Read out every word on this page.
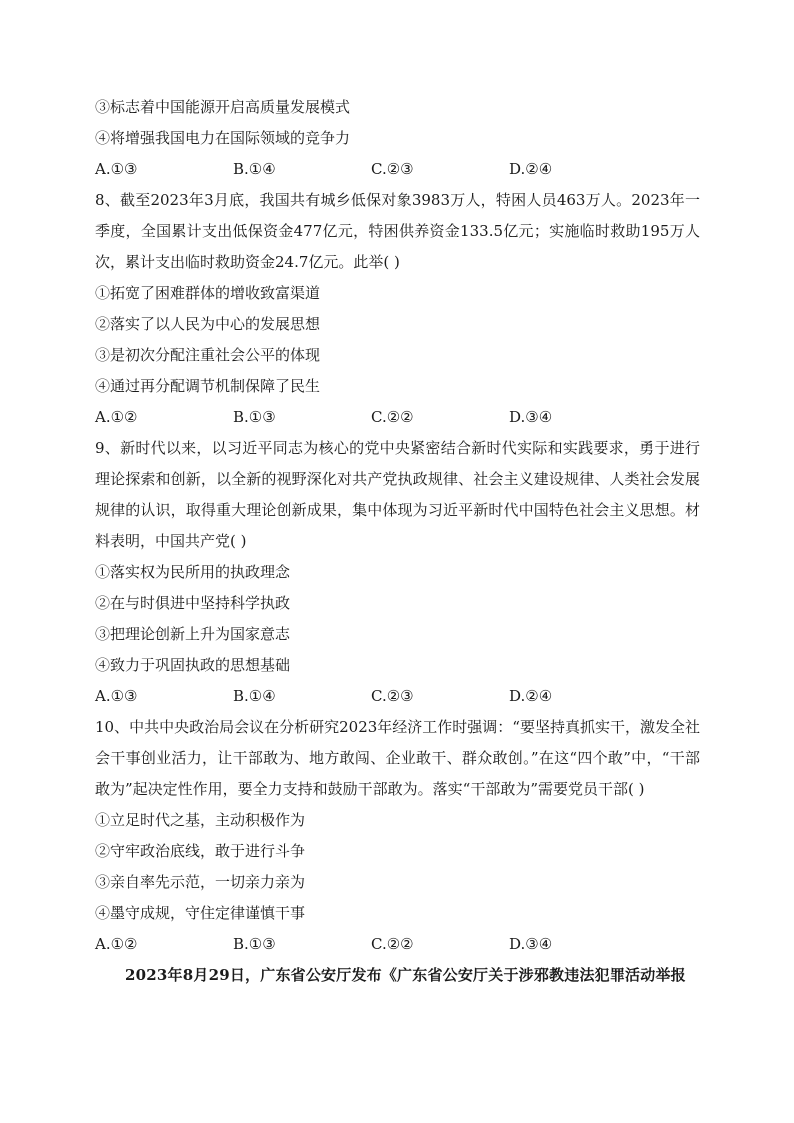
③标志着中国能源开启高质量发展模式
④将增强我国电力在国际领域的竞争力
A.①③	B.①④	C.②③	D.②④
8、截至2023年3月底，我国共有城乡低保对象3983万人，特困人员463万人。2023年一季度，全国累计支出低保资金477亿元，特困供养资金133.5亿元；实施临时救助195万人次，累计支出临时救助资金24.7亿元。此举( )
①拓宽了困难群体的增收致富渠道
②落实了以人民为中心的发展思想
③是初次分配注重社会公平的体现
④通过再分配调节机制保障了民生
A.①②	B.①③	C.②②	D.③④
9、新时代以来，以习近平同志为核心的党中央紧密结合新时代实际和实践要求，勇于进行理论探索和创新，以全新的视野深化对共产党执政规律、社会主义建设规律、人类社会发展规律的认识，取得重大理论创新成果，集中体现为习近平新时代中国特色社会主义思想。材料表明，中国共产党( )
①落实权为民所用的执政理念
②在与时俱进中坚持科学执政
③把理论创新上升为国家意志
④致力于巩固执政的思想基础
A.①③	B.①④	C.②③	D.②④
10、中共中央政治局会议在分析研究2023年经济工作时强调：“要坚持真抓实干，激发全社会干事创业活力，让干部敢为、地方敢闯、企业敢干、群众敢创。”在这“四个敢”中，“干部敢为”起决定性作用，要全力支持和鼓励干部敢为。落实“干部敢为”需要党员干部( )
①立足时代之基，主动积极作为
②守牢政治底线，敢于进行斗争
③亲自率先示范，一切亲力亲为
④墨守成规，守住定律谨慎干事
A.①②	B.①③	C.②②	D.③④
2023年8月29日，广东省公安厅发布《广东省公安厅关于涉邪教违法犯罪活动举报
